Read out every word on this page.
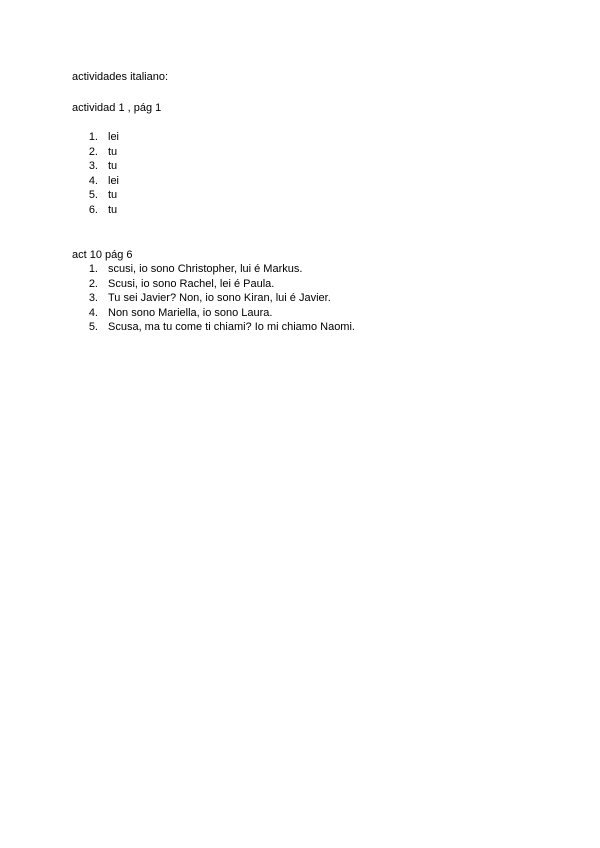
actividades italiano:
actividad 1 , pág 1
1. lei
2. tu
3. tu
4. lei
5. tu
6. tu
act 10 pág 6
1. scusi, io sono Christopher, lui é Markus.
2. Scusi, io sono Rachel, lei é Paula.
3. Tu sei Javier? Non, io sono Kiran, lui é Javier.
4. Non sono Mariella, io sono Laura.
5. Scusa, ma tu come ti chiami? Io mi chiamo Naomi.
